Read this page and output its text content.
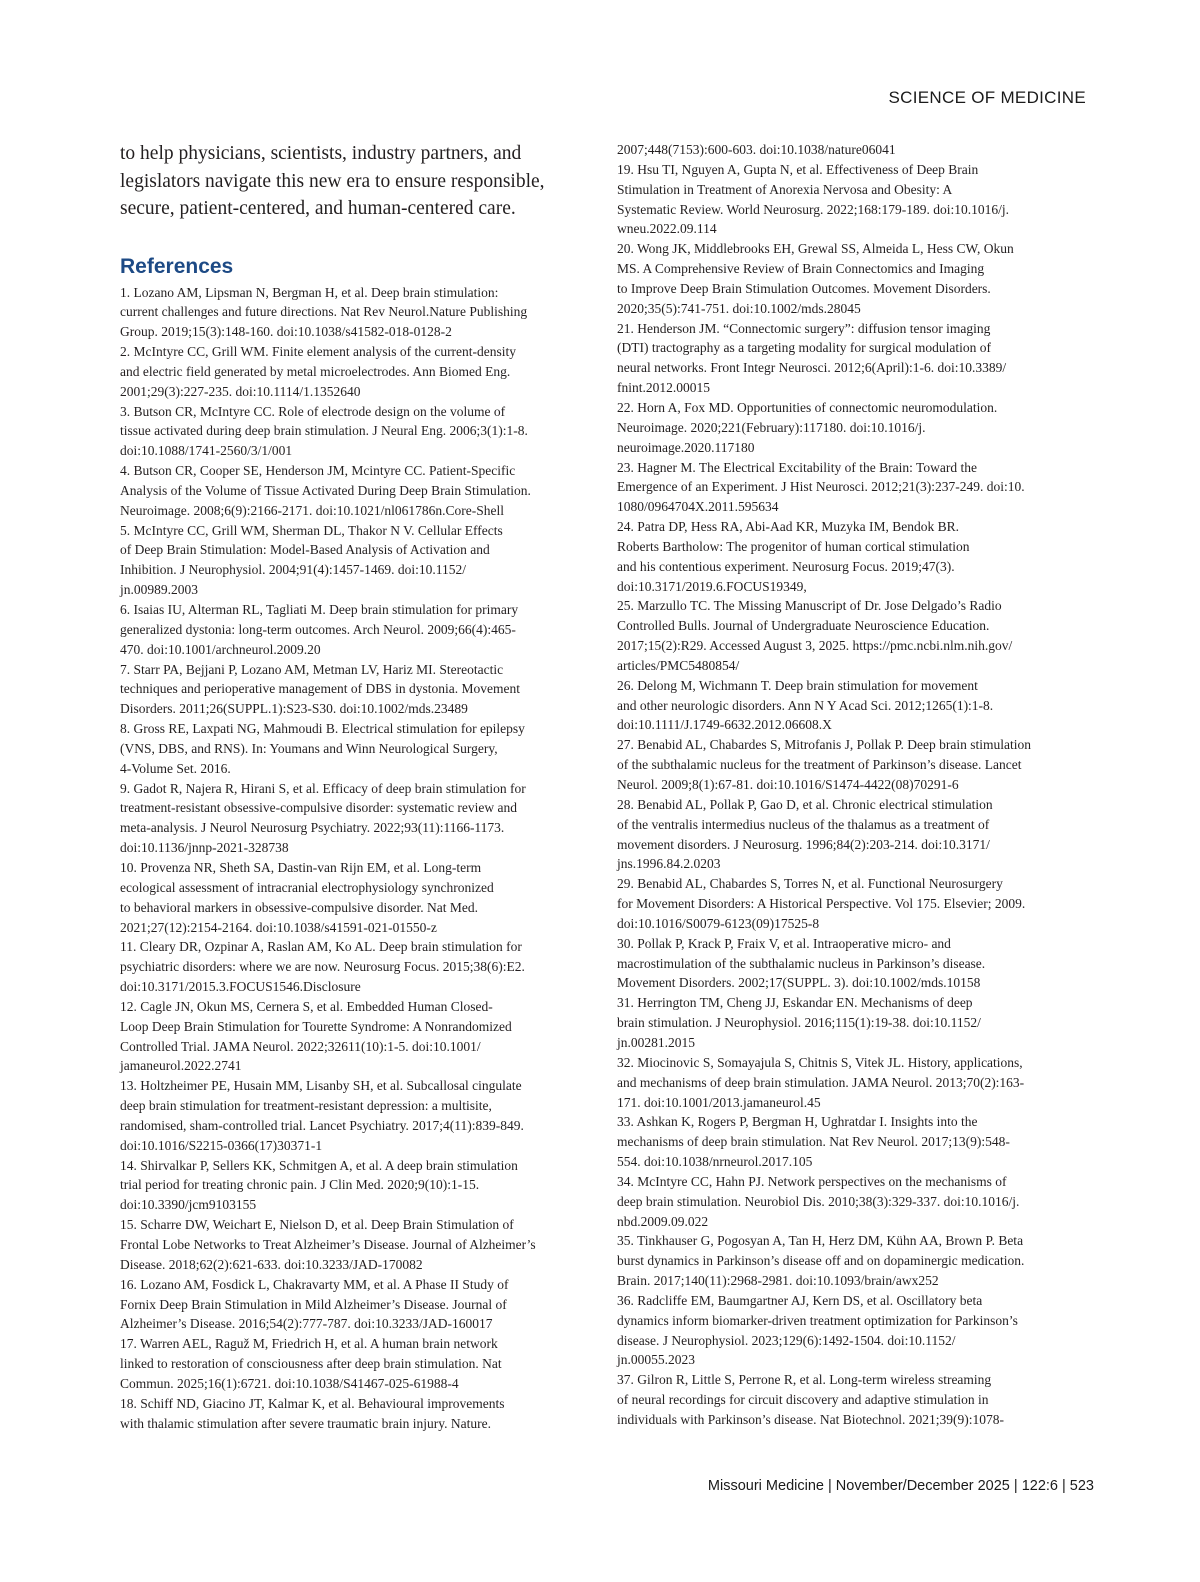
SCIENCE OF MEDICINE

to help physicians, scientists, industry partners, and legislators navigate this new era to ensure responsible, secure, patient-centered, and human-centered care.

References

1. Lozano AM, Lipsman N, Bergman H, et al. Deep brain stimulation:
current challenges and future directions. Nat Rev Neurol.Nature Publishing
Group. 2019;15(3):148-160. doi:10.1038/s41582-018-0128-2

2. McIntyre CC, Grill WM. Finite element analysis of the current-density
and electric field generated by metal microelectrodes. Ann Biomed Eng.
2001;29(3):227-235. doi:10.1114/1.1352640

3. Butson CR, McIntyre CC. Role of electrode design on the volume of
tissue activated during deep brain stimulation. J Neural Eng. 2006;3(1):1-8.
doi:10.1088/1741-2560/3/1/001

4. Butson CR, Cooper SE, Henderson JM, Mcintyre CC. Patient-Specific
Analysis of the Volume of Tissue Activated During Deep Brain Stimulation.
Neuroimage. 2008;6(9):2166-2171. doi:10.1021/nl061786n.Core-Shell

5. McIntyre CC, Grill WM, Sherman DL, Thakor N V. Cellular Effects
of Deep Brain Stimulation: Model-Based Analysis of Activation and
Inhibition. J Neurophysiol. 2004;91(4):1457-1469. doi:10.1152/
jn.00989.2003

6. Isaias IU, Alterman RL, Tagliati M. Deep brain stimulation for primary
generalized dystonia: long-term outcomes. Arch Neurol. 2009;66(4):465-
470. doi:10.1001/archneurol.2009.20

7. Starr PA, Bejjani P, Lozano AM, Metman LV, Hariz MI. Stereotactic
techniques and perioperative management of DBS in dystonia. Movement
Disorders. 2011;26(SUPPL.1):S23-S30. doi:10.1002/mds.23489

8. Gross RE, Laxpati NG, Mahmoudi B. Electrical stimulation for epilepsy
(VNS, DBS, and RNS). In: Youmans and Winn Neurological Surgery,
4-Volume Set. 2016.

9. Gadot R, Najera R, Hirani S, et al. Efficacy of deep brain stimulation for
treatment-resistant obsessive-compulsive disorder: systematic review and
meta-analysis. J Neurol Neurosurg Psychiatry. 2022;93(11):1166-1173.
doi:10.1136/jnnp-2021-328738

10. Provenza NR, Sheth SA, Dastin-van Rijn EM, et al. Long-term
ecological assessment of intracranial electrophysiology synchronized
to behavioral markers in obsessive-compulsive disorder. Nat Med.
2021;27(12):2154-2164. doi:10.1038/s41591-021-01550-z

11. Cleary DR, Ozpinar A, Raslan AM, Ko AL. Deep brain stimulation for
psychiatric disorders: where we are now. Neurosurg Focus. 2015;38(6):E2.
doi:10.3171/2015.3.FOCUS1546.Disclosure

12. Cagle JN, Okun MS, Cernera S, et al. Embedded Human Closed-
Loop Deep Brain Stimulation for Tourette Syndrome: A Nonrandomized
Controlled Trial. JAMA Neurol. 2022;32611(10):1-5. doi:10.1001/
jamaneurol.2022.2741

13. Holtzheimer PE, Husain MM, Lisanby SH, et al. Subcallosal cingulate
deep brain stimulation for treatment-resistant depression: a multisite,
randomised, sham-controlled trial. Lancet Psychiatry. 2017;4(11):839-849.
doi:10.1016/S2215-0366(17)30371-1

14. Shirvalkar P, Sellers KK, Schmitgen A, et al. A deep brain stimulation
trial period for treating chronic pain. J Clin Med. 2020;9(10):1-15.
doi:10.3390/jcm9103155

15. Scharre DW, Weichart E, Nielson D, et al. Deep Brain Stimulation of
Frontal Lobe Networks to Treat Alzheimer’s Disease. Journal of Alzheimer’s
Disease. 2018;62(2):621-633. doi:10.3233/JAD-170082

16. Lozano AM, Fosdick L, Chakravarty MM, et al. A Phase II Study of
Fornix Deep Brain Stimulation in Mild Alzheimer’s Disease. Journal of
Alzheimer’s Disease. 2016;54(2):777-787. doi:10.3233/JAD-160017

17. Warren AEL, Raguž M, Friedrich H, et al. A human brain network
linked to restoration of consciousness after deep brain stimulation. Nat
Commun. 2025;16(1):6721. doi:10.1038/S41467-025-61988-4

18. Schiff ND, Giacino JT, Kalmar K, et al. Behavioural improvements
with thalamic stimulation after severe traumatic brain injury. Nature.

2007;448(7153):600-603. doi:10.1038/nature06041

19. Hsu TI, Nguyen A, Gupta N, et al. Effectiveness of Deep Brain
Stimulation in Treatment of Anorexia Nervosa and Obesity: A
Systematic Review. World Neurosurg. 2022;168:179-189. doi:10.1016/j.
wneu.2022.09.114

20. Wong JK, Middlebrooks EH, Grewal SS, Almeida L, Hess CW, Okun
MS. A Comprehensive Review of Brain Connectomics and Imaging
to Improve Deep Brain Stimulation Outcomes. Movement Disorders.
2020;35(5):741-751. doi:10.1002/mds.28045

21. Henderson JM. “Connectomic surgery”: diffusion tensor imaging
(DTI) tractography as a targeting modality for surgical modulation of
neural networks. Front Integr Neurosci. 2012;6(April):1-6. doi:10.3389/
fnint.2012.00015

22. Horn A, Fox MD. Opportunities of connectomic neuromodulation.
Neuroimage. 2020;221(February):117180. doi:10.1016/j.
neuroimage.2020.117180

23. Hagner M. The Electrical Excitability of the Brain: Toward the
Emergence of an Experiment. J Hist Neurosci. 2012;21(3):237-249. doi:10.
1080/0964704X.2011.595634

24. Patra DP, Hess RA, Abi-Aad KR, Muzyka IM, Bendok BR.
Roberts Bartholow: The progenitor of human cortical stimulation
and his contentious experiment. Neurosurg Focus. 2019;47(3).
doi:10.3171/2019.6.FOCUS19349,

25. Marzullo TC. The Missing Manuscript of Dr. Jose Delgado’s Radio
Controlled Bulls. Journal of Undergraduate Neuroscience Education.
2017;15(2):R29. Accessed August 3, 2025. https://pmc.ncbi.nlm.nih.gov/
articles/PMC5480854/

26. Delong M, Wichmann T. Deep brain stimulation for movement
and other neurologic disorders. Ann N Y Acad Sci. 2012;1265(1):1-8.
doi:10.1111/J.1749-6632.2012.06608.X

27. Benabid AL, Chabardes S, Mitrofanis J, Pollak P. Deep brain stimulation
of the subthalamic nucleus for the treatment of Parkinson’s disease. Lancet
Neurol. 2009;8(1):67-81. doi:10.1016/S1474-4422(08)70291-6

28. Benabid AL, Pollak P, Gao D, et al. Chronic electrical stimulation
of the ventralis intermedius nucleus of the thalamus as a treatment of
movement disorders. J Neurosurg. 1996;84(2):203-214. doi:10.3171/
jns.1996.84.2.0203

29. Benabid AL, Chabardes S, Torres N, et al. Functional Neurosurgery
for Movement Disorders: A Historical Perspective. Vol 175. Elsevier; 2009.
doi:10.1016/S0079-6123(09)17525-8

30. Pollak P, Krack P, Fraix V, et al. Intraoperative micro- and
macrostimulation of the subthalamic nucleus in Parkinson’s disease.
Movement Disorders. 2002;17(SUPPL. 3). doi:10.1002/mds.10158

31. Herrington TM, Cheng JJ, Eskandar EN. Mechanisms of deep
brain stimulation. J Neurophysiol. 2016;115(1):19-38. doi:10.1152/
jn.00281.2015

32. Miocinovic S, Somayajula S, Chitnis S, Vitek JL. History, applications,
and mechanisms of deep brain stimulation. JAMA Neurol. 2013;70(2):163-
171. doi:10.1001/2013.jamaneurol.45

33. Ashkan K, Rogers P, Bergman H, Ughratdar I. Insights into the
mechanisms of deep brain stimulation. Nat Rev Neurol. 2017;13(9):548-
554. doi:10.1038/nrneurol.2017.105

34. McIntyre CC, Hahn PJ. Network perspectives on the mechanisms of
deep brain stimulation. Neurobiol Dis. 2010;38(3):329-337. doi:10.1016/j.
nbd.2009.09.022

35. Tinkhauser G, Pogosyan A, Tan H, Herz DM, Kühn AA, Brown P. Beta
burst dynamics in Parkinson’s disease off and on dopaminergic medication.
Brain. 2017;140(11):2968-2981. doi:10.1093/brain/awx252

36. Radcliffe EM, Baumgartner AJ, Kern DS, et al. Oscillatory beta
dynamics inform biomarker-driven treatment optimization for Parkinson’s
disease. J Neurophysiol. 2023;129(6):1492-1504. doi:10.1152/
jn.00055.2023

37. Gilron R, Little S, Perrone R, et al. Long-term wireless streaming
of neural recordings for circuit discovery and adaptive stimulation in
individuals with Parkinson’s disease. Nat Biotechnol. 2021;39(9):1078-

Missouri Medicine | November/December 2025 | 122:6 | 523
